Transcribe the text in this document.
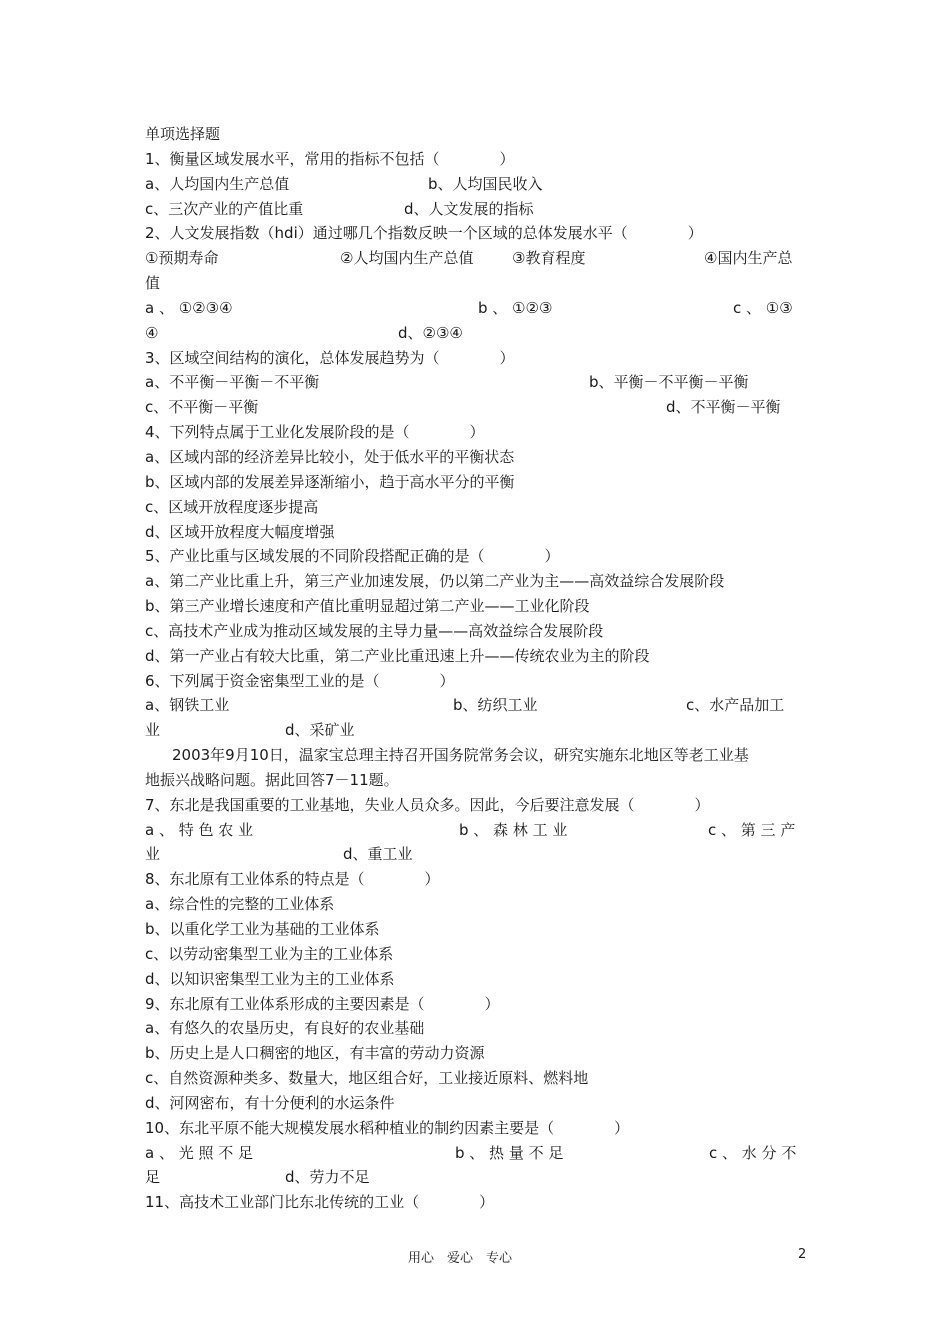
单项选择题
1、衡量区域发展水平，常用的指标不包括（　　　　）
a、人均国内生产总值	b、人均国民收入
c、三次产业的产值比重	d、人文发展的指标
2、人文发展指数（hdi）通过哪几个指数反映一个区域的总体发展水平（　　　　）
①预期寿命	②人均国内生产总值	③教育程度	④国内生产总
值
a 、 ①②③④	b 、 ①②③	c 、 ①③
④	d、②③④
3、区域空间结构的演化，总体发展趋势为（　　　　）
a、不平衡－平衡－不平衡	b、平衡－不平衡－平衡
c、不平衡－平衡	d、不平衡－平衡
4、下列特点属于工业化发展阶段的是（　　　　）
a、区域内部的经济差异比较小，处于低水平的平衡状态
b、区域内部的发展差异逐渐缩小，趋于高水平分的平衡
c、区域开放程度逐步提高
d、区域开放程度大幅度增强
5、产业比重与区域发展的不同阶段搭配正确的是（　　　　）
a、第二产业比重上升，第三产业加速发展，仍以第二产业为主——高效益综合发展阶段
b、第三产业增长速度和产值比重明显超过第二产业——工业化阶段
c、高技术产业成为推动区域发展的主导力量——高效益综合发展阶段
d、第一产业占有较大比重，第二产业比重迅速上升——传统农业为主的阶段
6、下列属于资金密集型工业的是（　　　　）
a、钢铁工业	b、纺织工业	c、水产品加工
业	d、采矿业
2003年9月10日，温家宝总理主持召开国务院常务会议，研究实施东北地区等老工业基
地振兴战略问题。据此回答7－11题。
7、东北是我国重要的工业基地，失业人员众多。因此，今后要注意发展（　　　　）
a 、 特 色 农 业	b 、 森 林 工 业	c 、 第 三 产
业	d、重工业
8、东北原有工业体系的特点是（　　　　）
a、综合性的完整的工业体系
b、以重化学工业为基础的工业体系
c、以劳动密集型工业为主的工业体系
d、以知识密集型工业为主的工业体系
9、东北原有工业体系形成的主要因素是（　　　　）
a、有悠久的农垦历史，有良好的农业基础
b、历史上是人口稠密的地区，有丰富的劳动力资源
c、自然资源种类多、数量大，地区组合好，工业接近原料、燃料地
d、河网密布，有十分便利的水运条件
10、东北平原不能大规模发展水稻种植业的制约因素主要是（　　　　）
a 、 光 照 不 足	b 、 热 量 不 足	c 、 水 分 不
足	d、劳力不足
11、高技术工业部门比东北传统的工业（　　　　）
用心　爱心　专心	2
